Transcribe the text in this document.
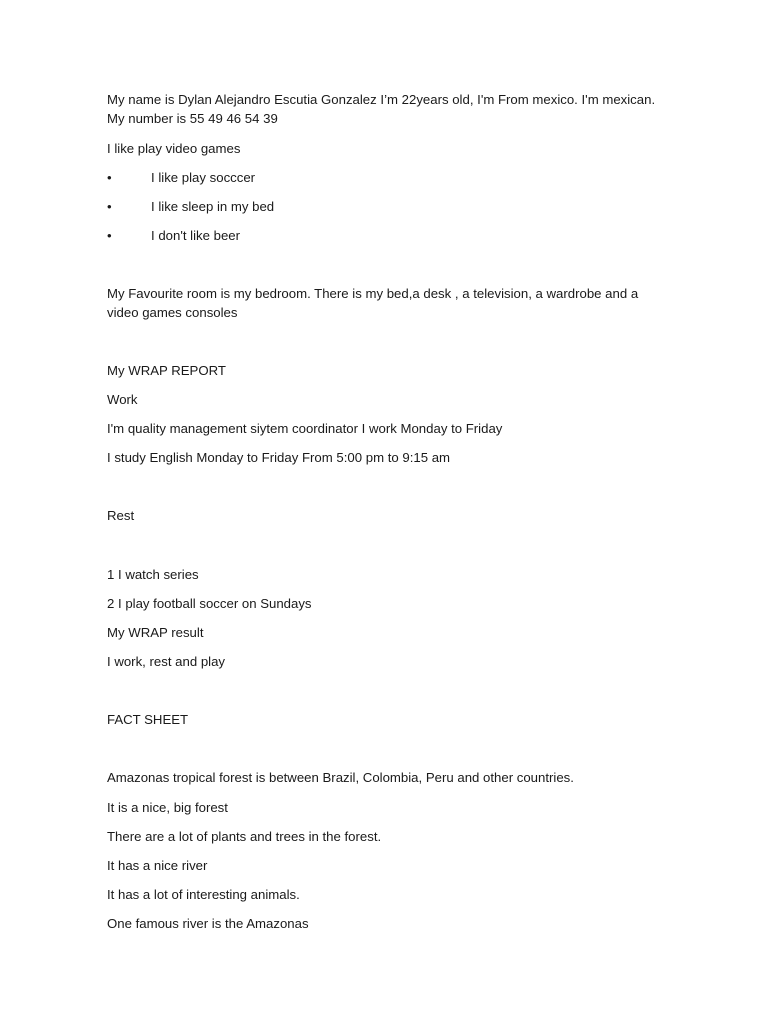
My name is Dylan Alejandro Escutia Gonzalez I’m 22years old, I'm From mexico. I'm mexican. My number is 55 49 46 54 39
I like play video games
•	I like play socccer
•	I like sleep in my bed
•	I don't like beer
My Favourite room is my bedroom. There is my bed,a desk , a television, a wardrobe and a video games consoles
My WRAP REPORT
Work
I'm quality management siytem coordinator I work Monday to Friday
I study English Monday to Friday From 5:00 pm to 9:15 am
Rest
1 I watch series
2 I play football soccer on Sundays
My WRAP result
I work, rest and play
FACT SHEET
Amazonas tropical forest is between Brazil, Colombia, Peru and other countries.
It is a nice, big forest
There are a lot of plants and trees in the forest.
It has a nice river
It has a lot of interesting animals.
One famous river is the Amazonas
